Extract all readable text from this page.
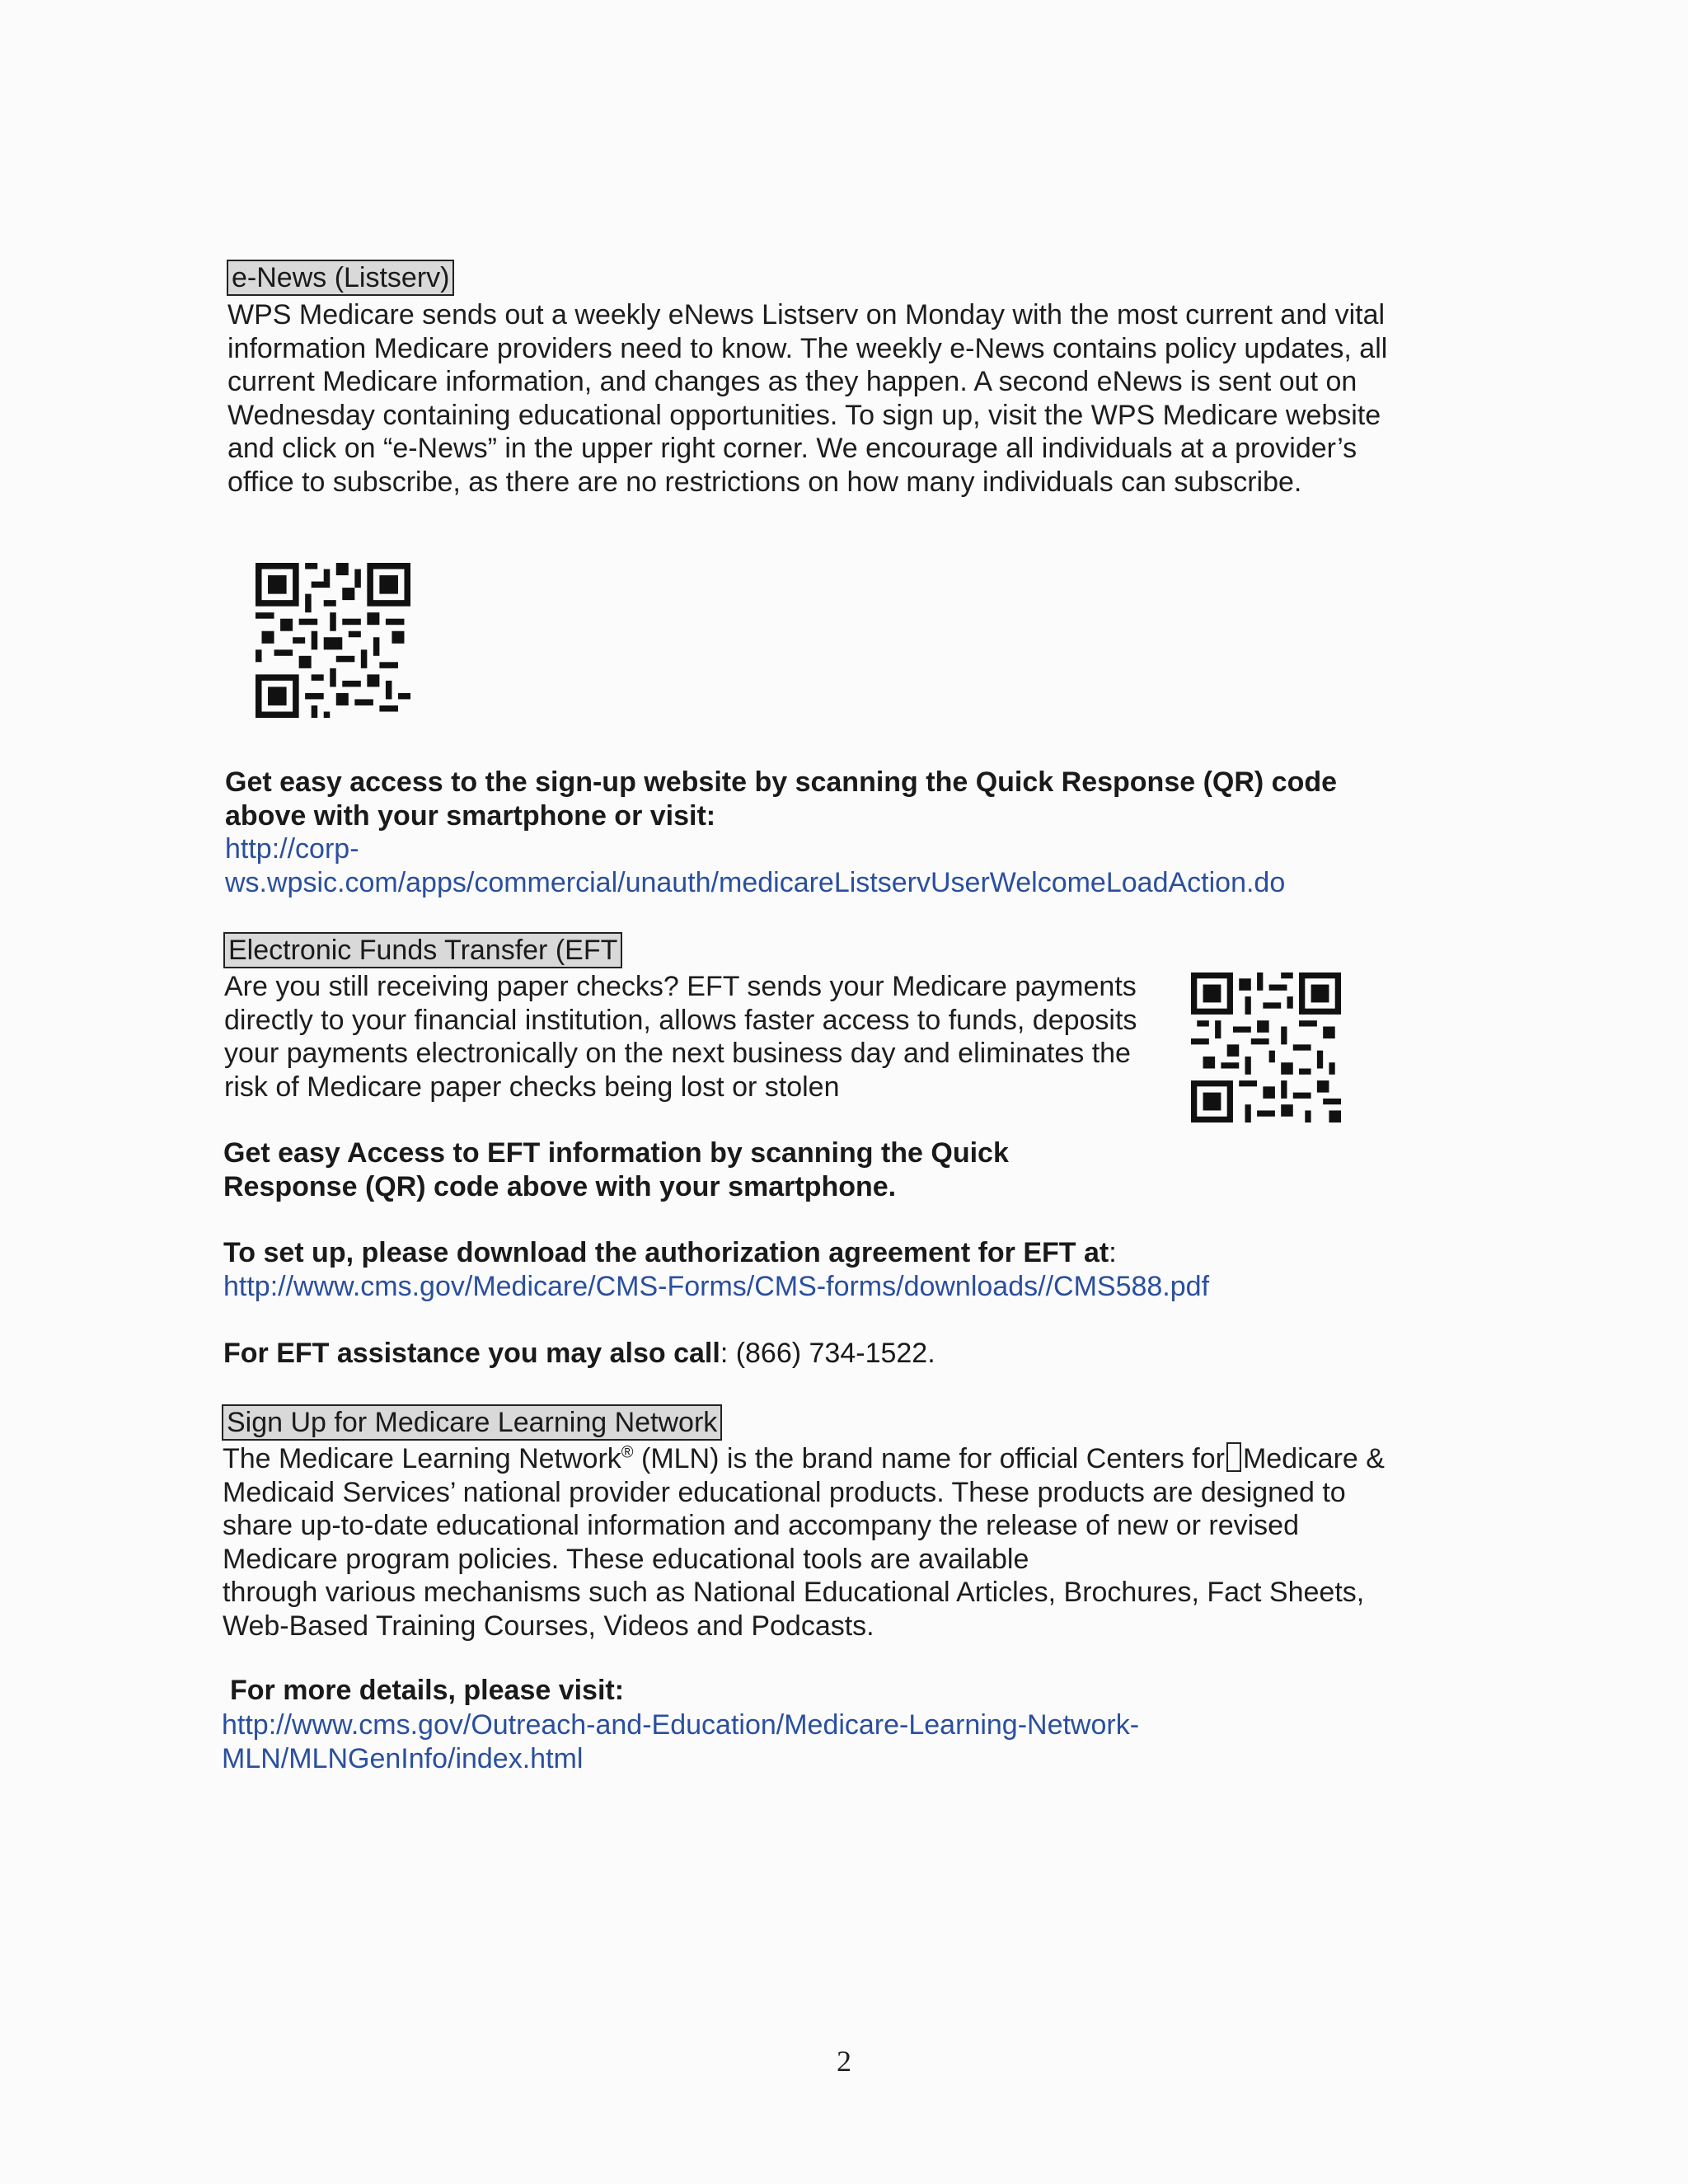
e-News (Listserv)
WPS Medicare sends out a weekly eNews Listserv on Monday with the most current and vital
information Medicare providers need to know. The weekly e-News contains policy updates, all
current Medicare information, and changes as they happen. A second eNews is sent out on
Wednesday containing educational opportunities. To sign up, visit the WPS Medicare website
and click on “e-News” in the upper right corner. We encourage all individuals at a provider’s
office to subscribe, as there are no restrictions on how many individuals can subscribe.
Get easy access to the sign-up website by scanning the Quick Response (QR) code
above with your smartphone or visit:
http://corp-
ws.wpsic.com/apps/commercial/unauth/medicareListservUserWelcomeLoadAction.do
Electronic Funds Transfer (EFT
Are you still receiving paper checks? EFT sends your Medicare payments
directly to your financial institution, allows faster access to funds, deposits
your payments electronically on the next business day and eliminates the
risk of Medicare paper checks being lost or stolen
Get easy Access to EFT information by scanning the Quick
Response (QR) code above with your smartphone.
To set up, please download the authorization agreement for EFT at:
http://www.cms.gov/Medicare/CMS-Forms/CMS-forms/downloads//CMS588.pdf
For EFT assistance you may also call: (866) 734-1522.
Sign Up for Medicare Learning Network
The Medicare Learning Network® (MLN) is the brand name for official Centers for Medicare &
Medicaid Services’ national provider educational products. These products are designed to
share up-to-date educational information and accompany the release of new or revised
Medicare program policies. These educational tools are available
through various mechanisms such as National Educational Articles, Brochures, Fact Sheets,
Web-Based Training Courses, Videos and Podcasts.
For more details, please visit:
http://www.cms.gov/Outreach-and-Education/Medicare-Learning-Network-
MLN/MLNGenInfo/index.html
2
